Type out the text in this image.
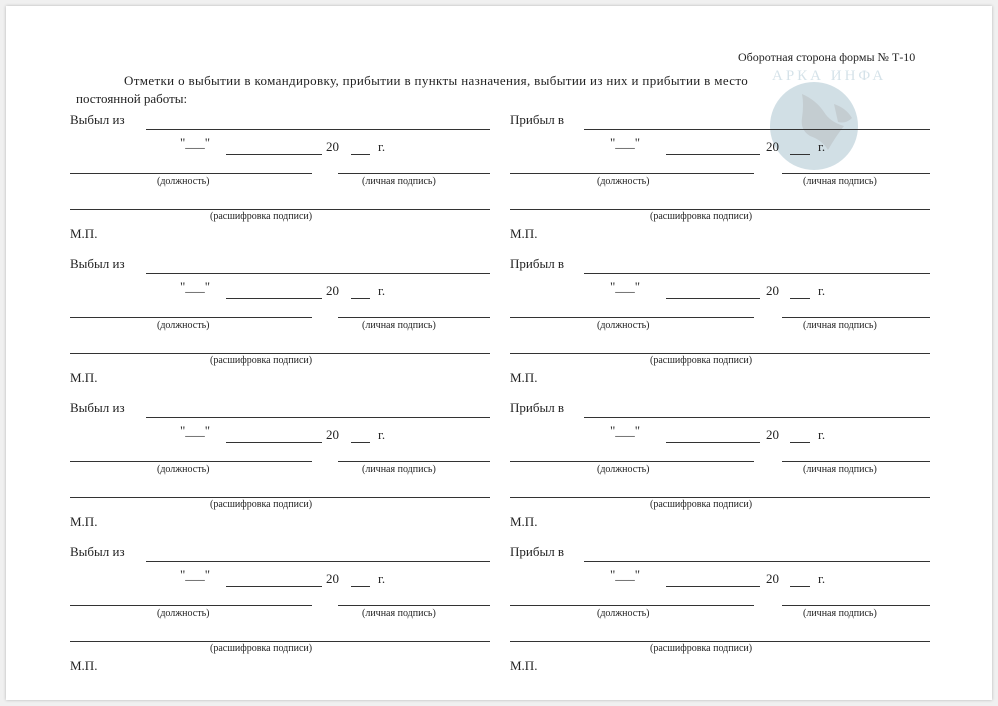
Оборотная сторона формы № Т-10
Отметки о выбытии в командировку, прибытии в пункты назначения, выбытии из них и прибытии в место
постоянной работы:
АРКА ИНФА
Выбыл из
"___"	20	г.
(должность)	(личная подпись)
(расшифровка подписи)
М.П.
Прибыл в
"___"	20	г.
(должность)	(личная подпись)
(расшифровка подписи)
М.П.
Выбыл из
"___"	20	г.
(должность)	(личная подпись)
(расшифровка подписи)
М.П.
Прибыл в
"___"	20	г.
(должность)	(личная подпись)
(расшифровка подписи)
М.П.
Выбыл из
"___"	20	г.
(должность)	(личная подпись)
(расшифровка подписи)
М.П.
Прибыл в
"___"	20	г.
(должность)	(личная подпись)
(расшифровка подписи)
М.П.
Выбыл из
"___"	20	г.
(должность)	(личная подпись)
(расшифровка подписи)
М.П.
Прибыл в
"___"	20	г.
(должность)	(личная подпись)
(расшифровка подписи)
М.П.
